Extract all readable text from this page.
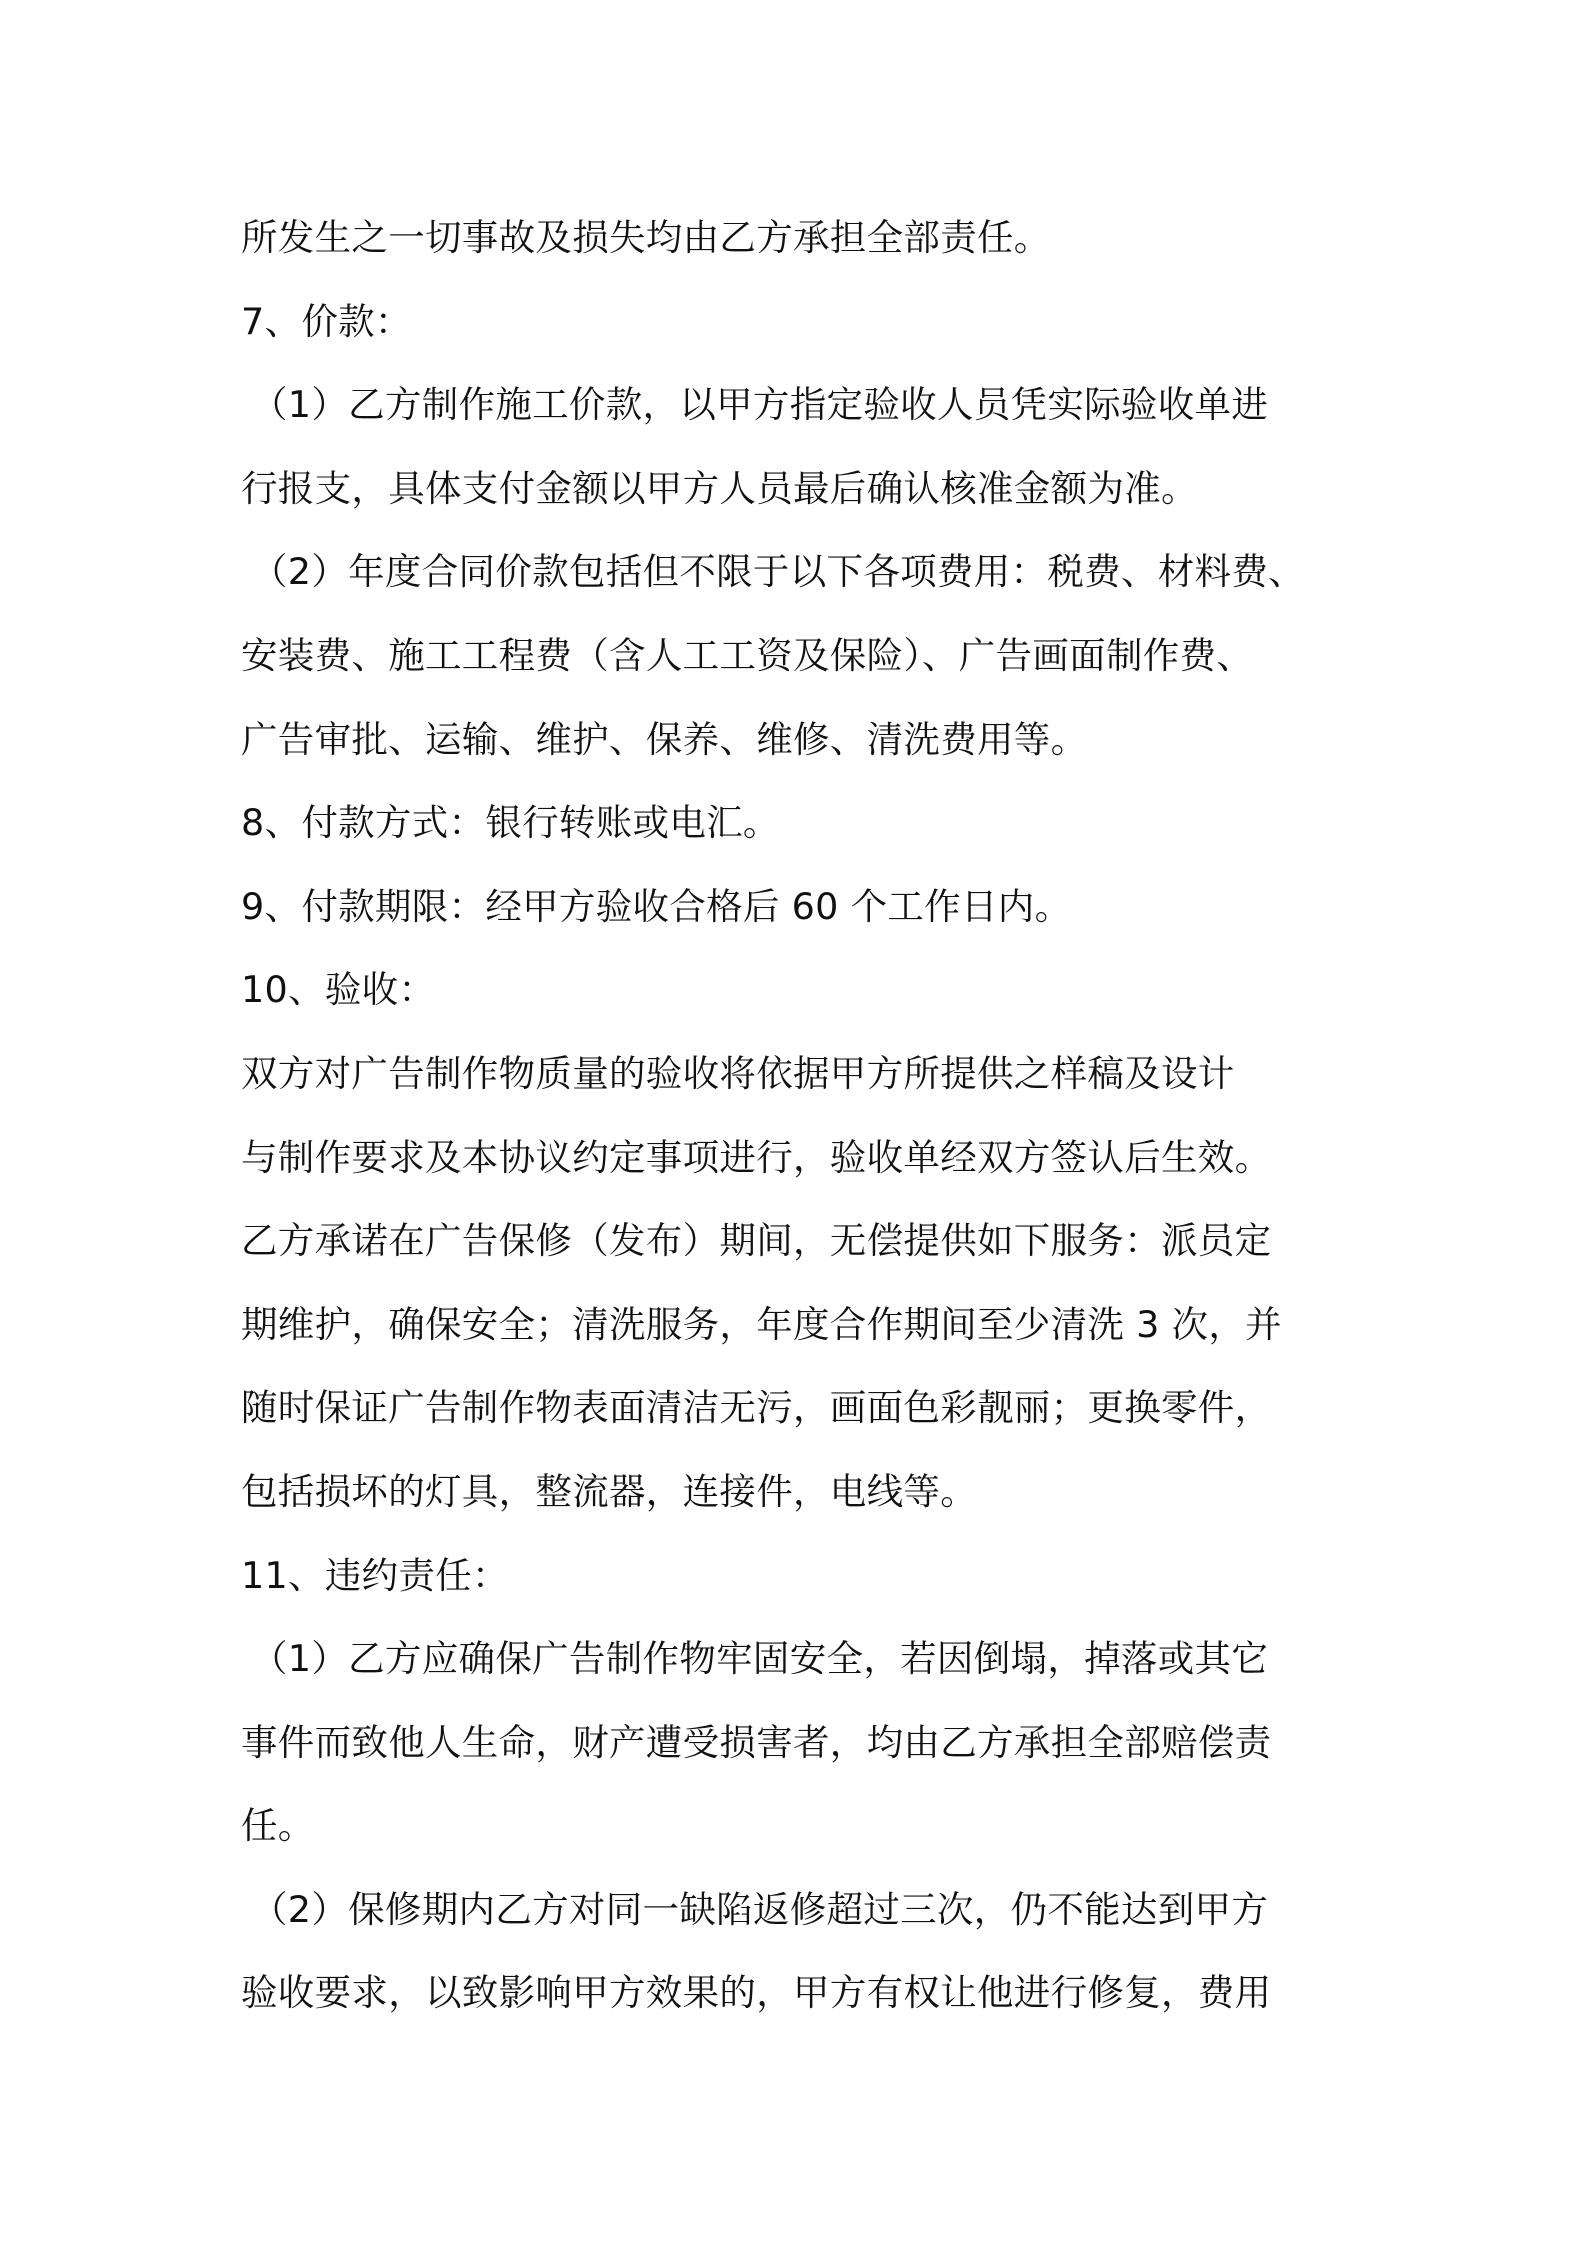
所发生之一切事故及损失均由乙方承担全部责任。
7、价款：
（1）乙方制作施工价款，以甲方指定验收人员凭实际验收单进
行报支，具体支付金额以甲方人员最后确认核准金额为准。
（2）年度合同价款包括但不限于以下各项费用：税费、材料费、
安装费、施工工程费（含人工工资及保险）、广告画面制作费、
广告审批、运输、维护、保养、维修、清洗费用等。
8、付款方式：银行转账或电汇。
9、付款期限：经甲方验收合格后 60 个工作日内。
10、验收：
双方对广告制作物质量的验收将依据甲方所提供之样稿及设计
与制作要求及本协议约定事项进行，验收单经双方签认后生效。
乙方承诺在广告保修（发布）期间，无偿提供如下服务：派员定
期维护，确保安全；清洗服务，年度合作期间至少清洗 3 次，并
随时保证广告制作物表面清洁无污，画面色彩靓丽；更换零件，
包括损坏的灯具，整流器，连接件，电线等。
11、违约责任：
（1）乙方应确保广告制作物牢固安全，若因倒塌，掉落或其它
事件而致他人生命，财产遭受损害者，均由乙方承担全部赔偿责
任。
（2）保修期内乙方对同一缺陷返修超过三次，仍不能达到甲方
验收要求，以致影响甲方效果的，甲方有权让他进行修复，费用
